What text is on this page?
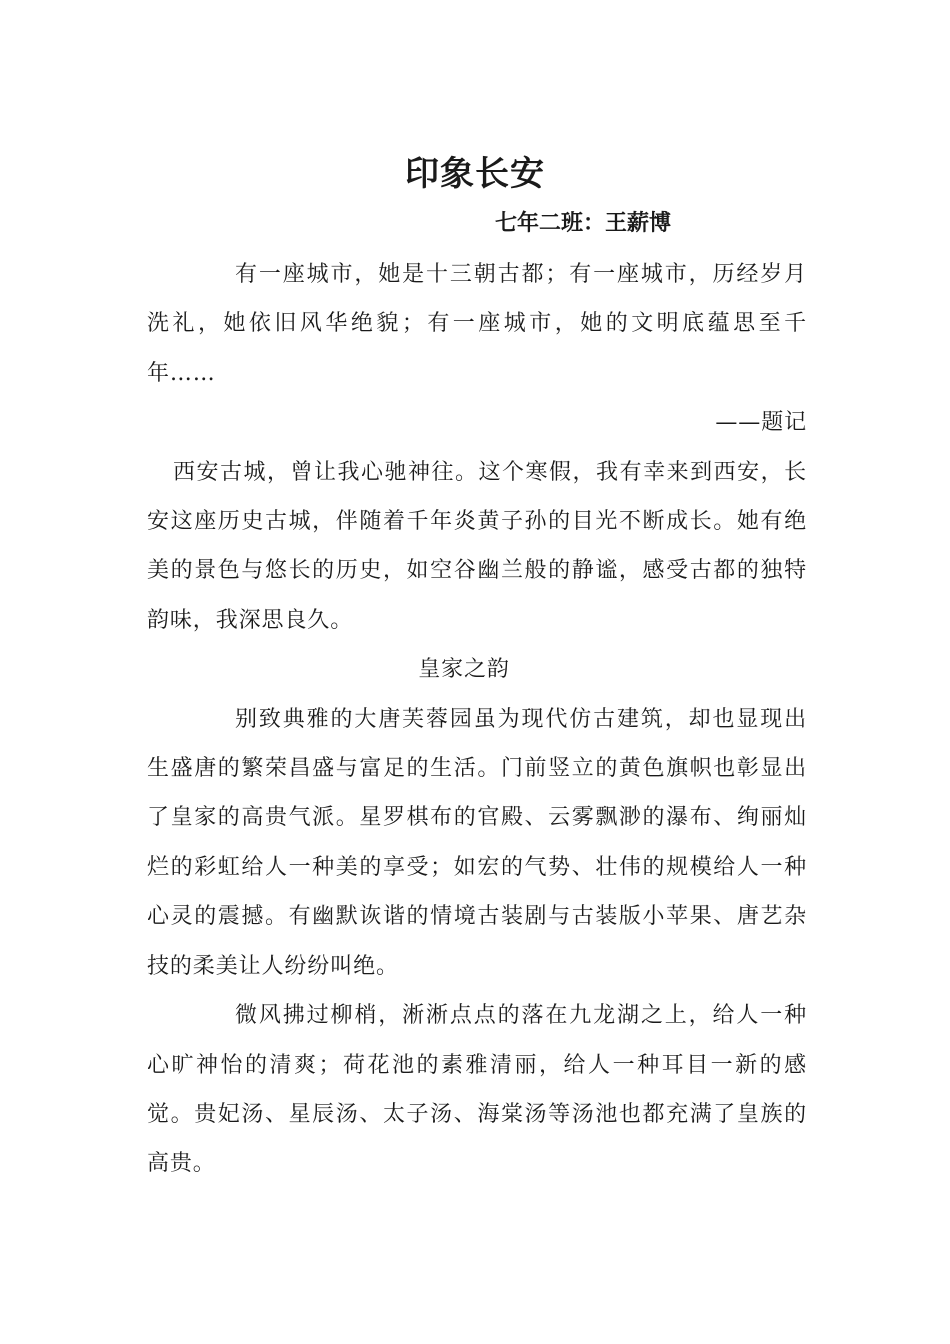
印象长安
七年二班：王薪博

有一座城市，她是十三朝古都；有一座城市，历经岁月洗礼，她依旧风华绝貌；有一座城市，她的文明底蕴思至千年……

——题记

西安古城，曾让我心驰神往。这个寒假，我有幸来到西安，长安这座历史古城，伴随着千年炎黄子孙的目光不断成长。她有绝美的景色与悠长的历史，如空谷幽兰般的静谧，感受古都的独特韵味，我深思良久。

皇家之韵

别致典雅的大唐芙蓉园虽为现代仿古建筑，却也显现出生盛唐的繁荣昌盛与富足的生活。门前竖立的黄色旗帜也彰显出了皇家的高贵气派。星罗棋布的官殿、云雾飘渺的瀑布、绚丽灿烂的彩虹给人一种美的享受；如宏的气势、壮伟的规模给人一种心灵的震撼。有幽默诙谐的情境古装剧与古装版小苹果、唐艺杂技的柔美让人纷纷叫绝。

微风拂过柳梢，淅淅点点的落在九龙湖之上，给人一种心旷神怡的清爽；荷花池的素雅清丽，给人一种耳目一新的感觉。贵妃汤、星辰汤、太子汤、海棠汤等汤池也都充满了皇族的高贵。
